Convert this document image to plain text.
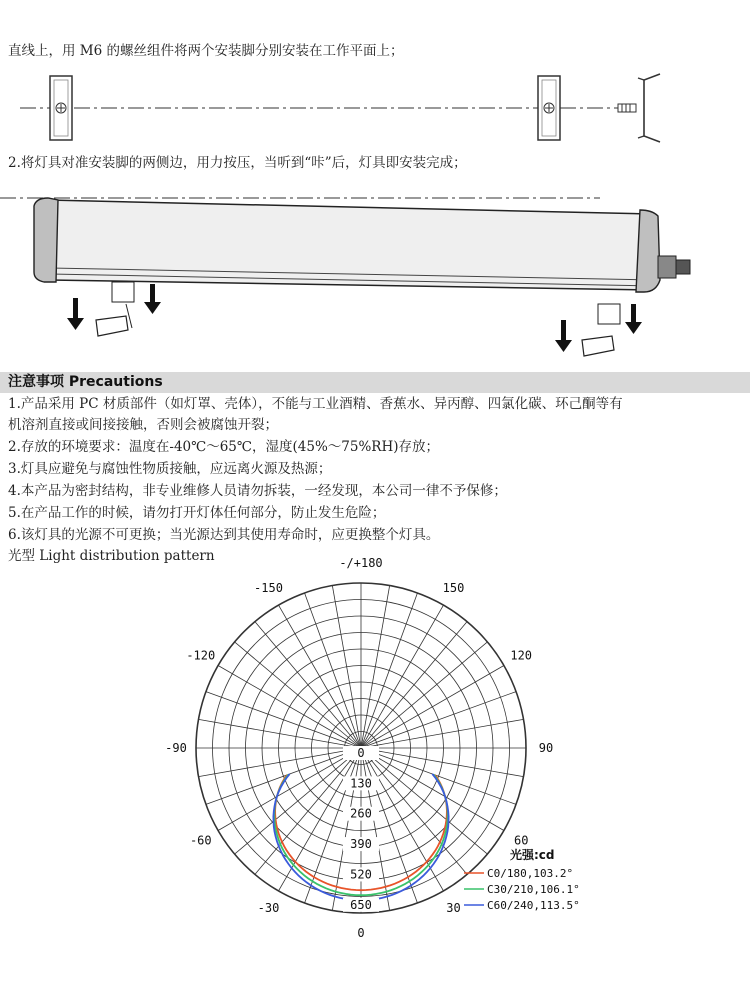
直线上，用 M6 的螺丝组件将两个安装脚分别安装在工作平面上；
2.将灯具对准安装脚的两侧边，用力按压，当听到“咔”后，灯具即安装完成；
注意事项 Precautions
1.产品采用 PC 材质部件（如灯罩、壳体），不能与工业酒精、香蕉水、异丙醇、四氯化碳、环己酮等有
机溶剂直接或间接接触，否则会被腐蚀开裂；
2.存放的环境要求：温度在-40℃～65℃，湿度(45%～75%RH)存放；
3.灯具应避免与腐蚀性物质接触，应远离火源及热源；
4.本产品为密封结构，非专业维修人员请勿拆装，一经发现，本公司一律不予保修；
5.在产品工作的时候，请勿打开灯体任何部分，防止发生危险；
6.该灯具的光源不可更换；当光源达到其使用寿命时，应更换整个灯具。
光型 Light distribution pattern	-/+180
-150	150
-120	120
-90	90
-60	60
-30	30
0
0
130
260
390
520
650
光强:cd
C0/180,103.2°
C30/210,106.1°
C60/240,113.5°
